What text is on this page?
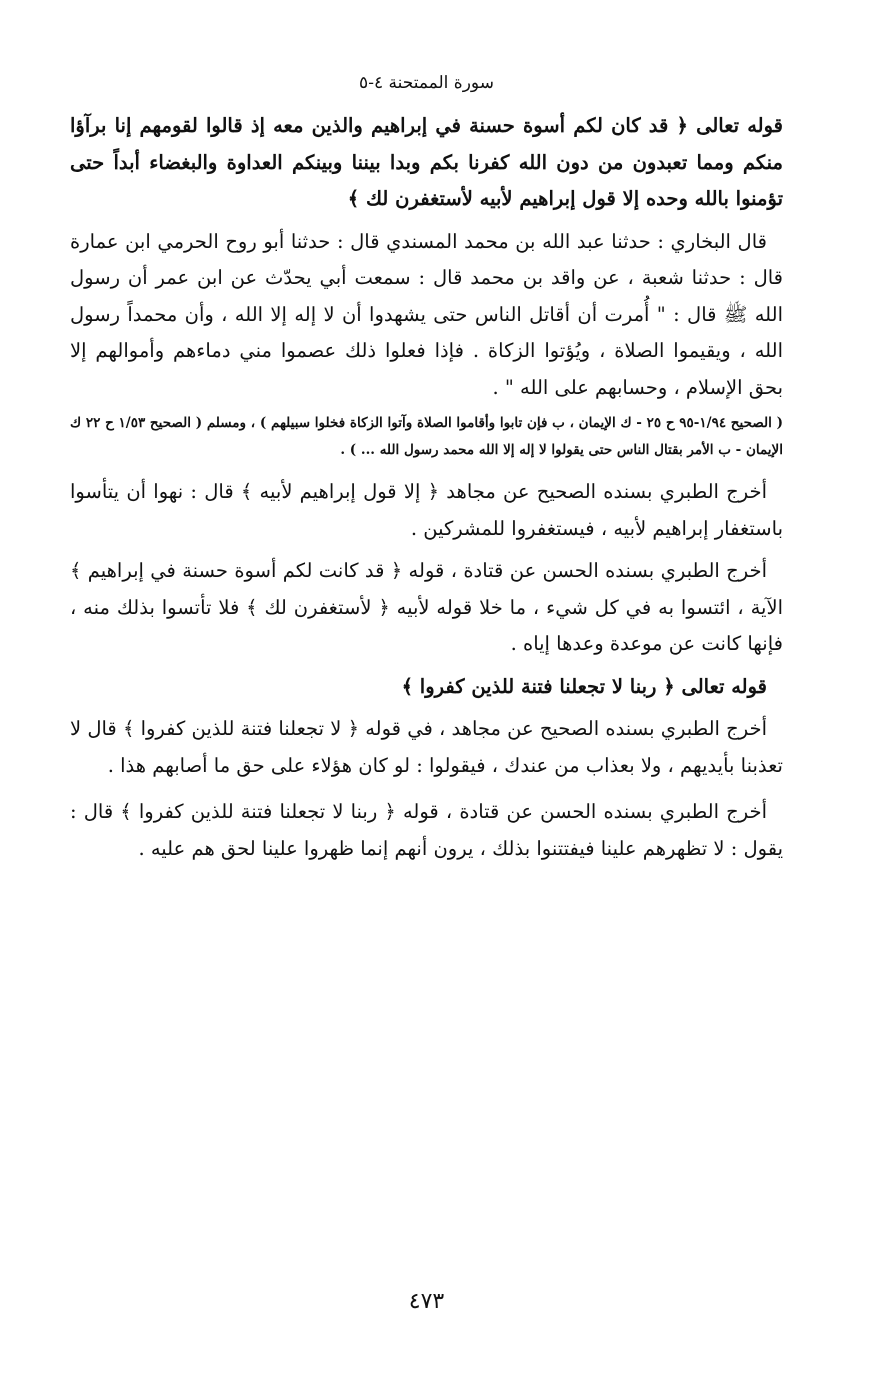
سورة الممتحنة ٤-٥

قوله تعالى ﴿ قد كان لكم أسوة حسنة في إبراهيم والذين معه إذ قالوا لقومهم إنا برآؤا منكم ومما تعبدون من دون الله كفرنا بكم وبدا بيننا وبينكم العداوة والبغضاء أبداً حتى تؤمنوا بالله وحده إلا قول إبراهيم لأبيه لأستغفرن لك ﴾

قال البخاري : حدثنا عبد الله بن محمد المسندي قال : حدثنا أبو روح الحرمي ابن عمارة قال : حدثنا شعبة ، عن واقد بن محمد قال : سمعت أبي يحدّث عن ابن عمر أن رسول الله ﷺ قال : " أُمرت أن أقاتل الناس حتى يشهدوا أن لا إله إلا الله ، وأن محمداً رسول الله ، ويقيموا الصلاة ، ويُؤتوا الزكاة . فإذا فعلوا ذلك عصموا مني دماءهم وأموالهم إلا بحق الإسلام ، وحسابهم على الله " .

( الصحيح ١/٩٤-٩٥ ح ٢٥ - ك الإيمان ، ب فإن تابوا وأقاموا الصلاة وآتوا الزكاة فخلوا سبيلهم ) ، ومسلم ( الصحيح ١/٥٣ ح ٢٢ ك الإيمان - ب الأمر بقتال الناس حتى يقولوا لا إله إلا الله محمد رسول الله ... ) .

أخرج الطبري بسنده الصحيح عن مجاهد ﴿ إلا قول إبراهيم لأبيه ﴾ قال : نهوا أن يتأسوا باستغفار إبراهيم لأبيه ، فيستغفروا للمشركين .

أخرج الطبري بسنده الحسن عن قتادة ، قوله ﴿ قد كانت لكم أسوة حسنة في إبراهيم ﴾ الآية ، ائتسوا به في كل شيء ، ما خلا قوله لأبيه ﴿ لأستغفرن لك ﴾ فلا تأتسوا بذلك منه ، فإنها كانت عن موعدة وعدها إياه .

قوله تعالى ﴿ ربنا لا تجعلنا فتنة للذين كفروا ﴾

أخرج الطبري بسنده الصحيح عن مجاهد ، في قوله ﴿ لا تجعلنا فتنة للذين كفروا ﴾ قال لا تعذبنا بأيديهم ، ولا بعذاب من عندك ، فيقولوا : لو كان هؤلاء على حق ما أصابهم هذا .

أخرج الطبري بسنده الحسن عن قتادة ، قوله ﴿ ربنا لا تجعلنا فتنة للذين كفروا ﴾ قال : يقول : لا تظهرهم علينا فيفتتنوا بذلك ، يرون أنهم إنما ظهروا علينا لحق هم عليه .

٤٧٣
